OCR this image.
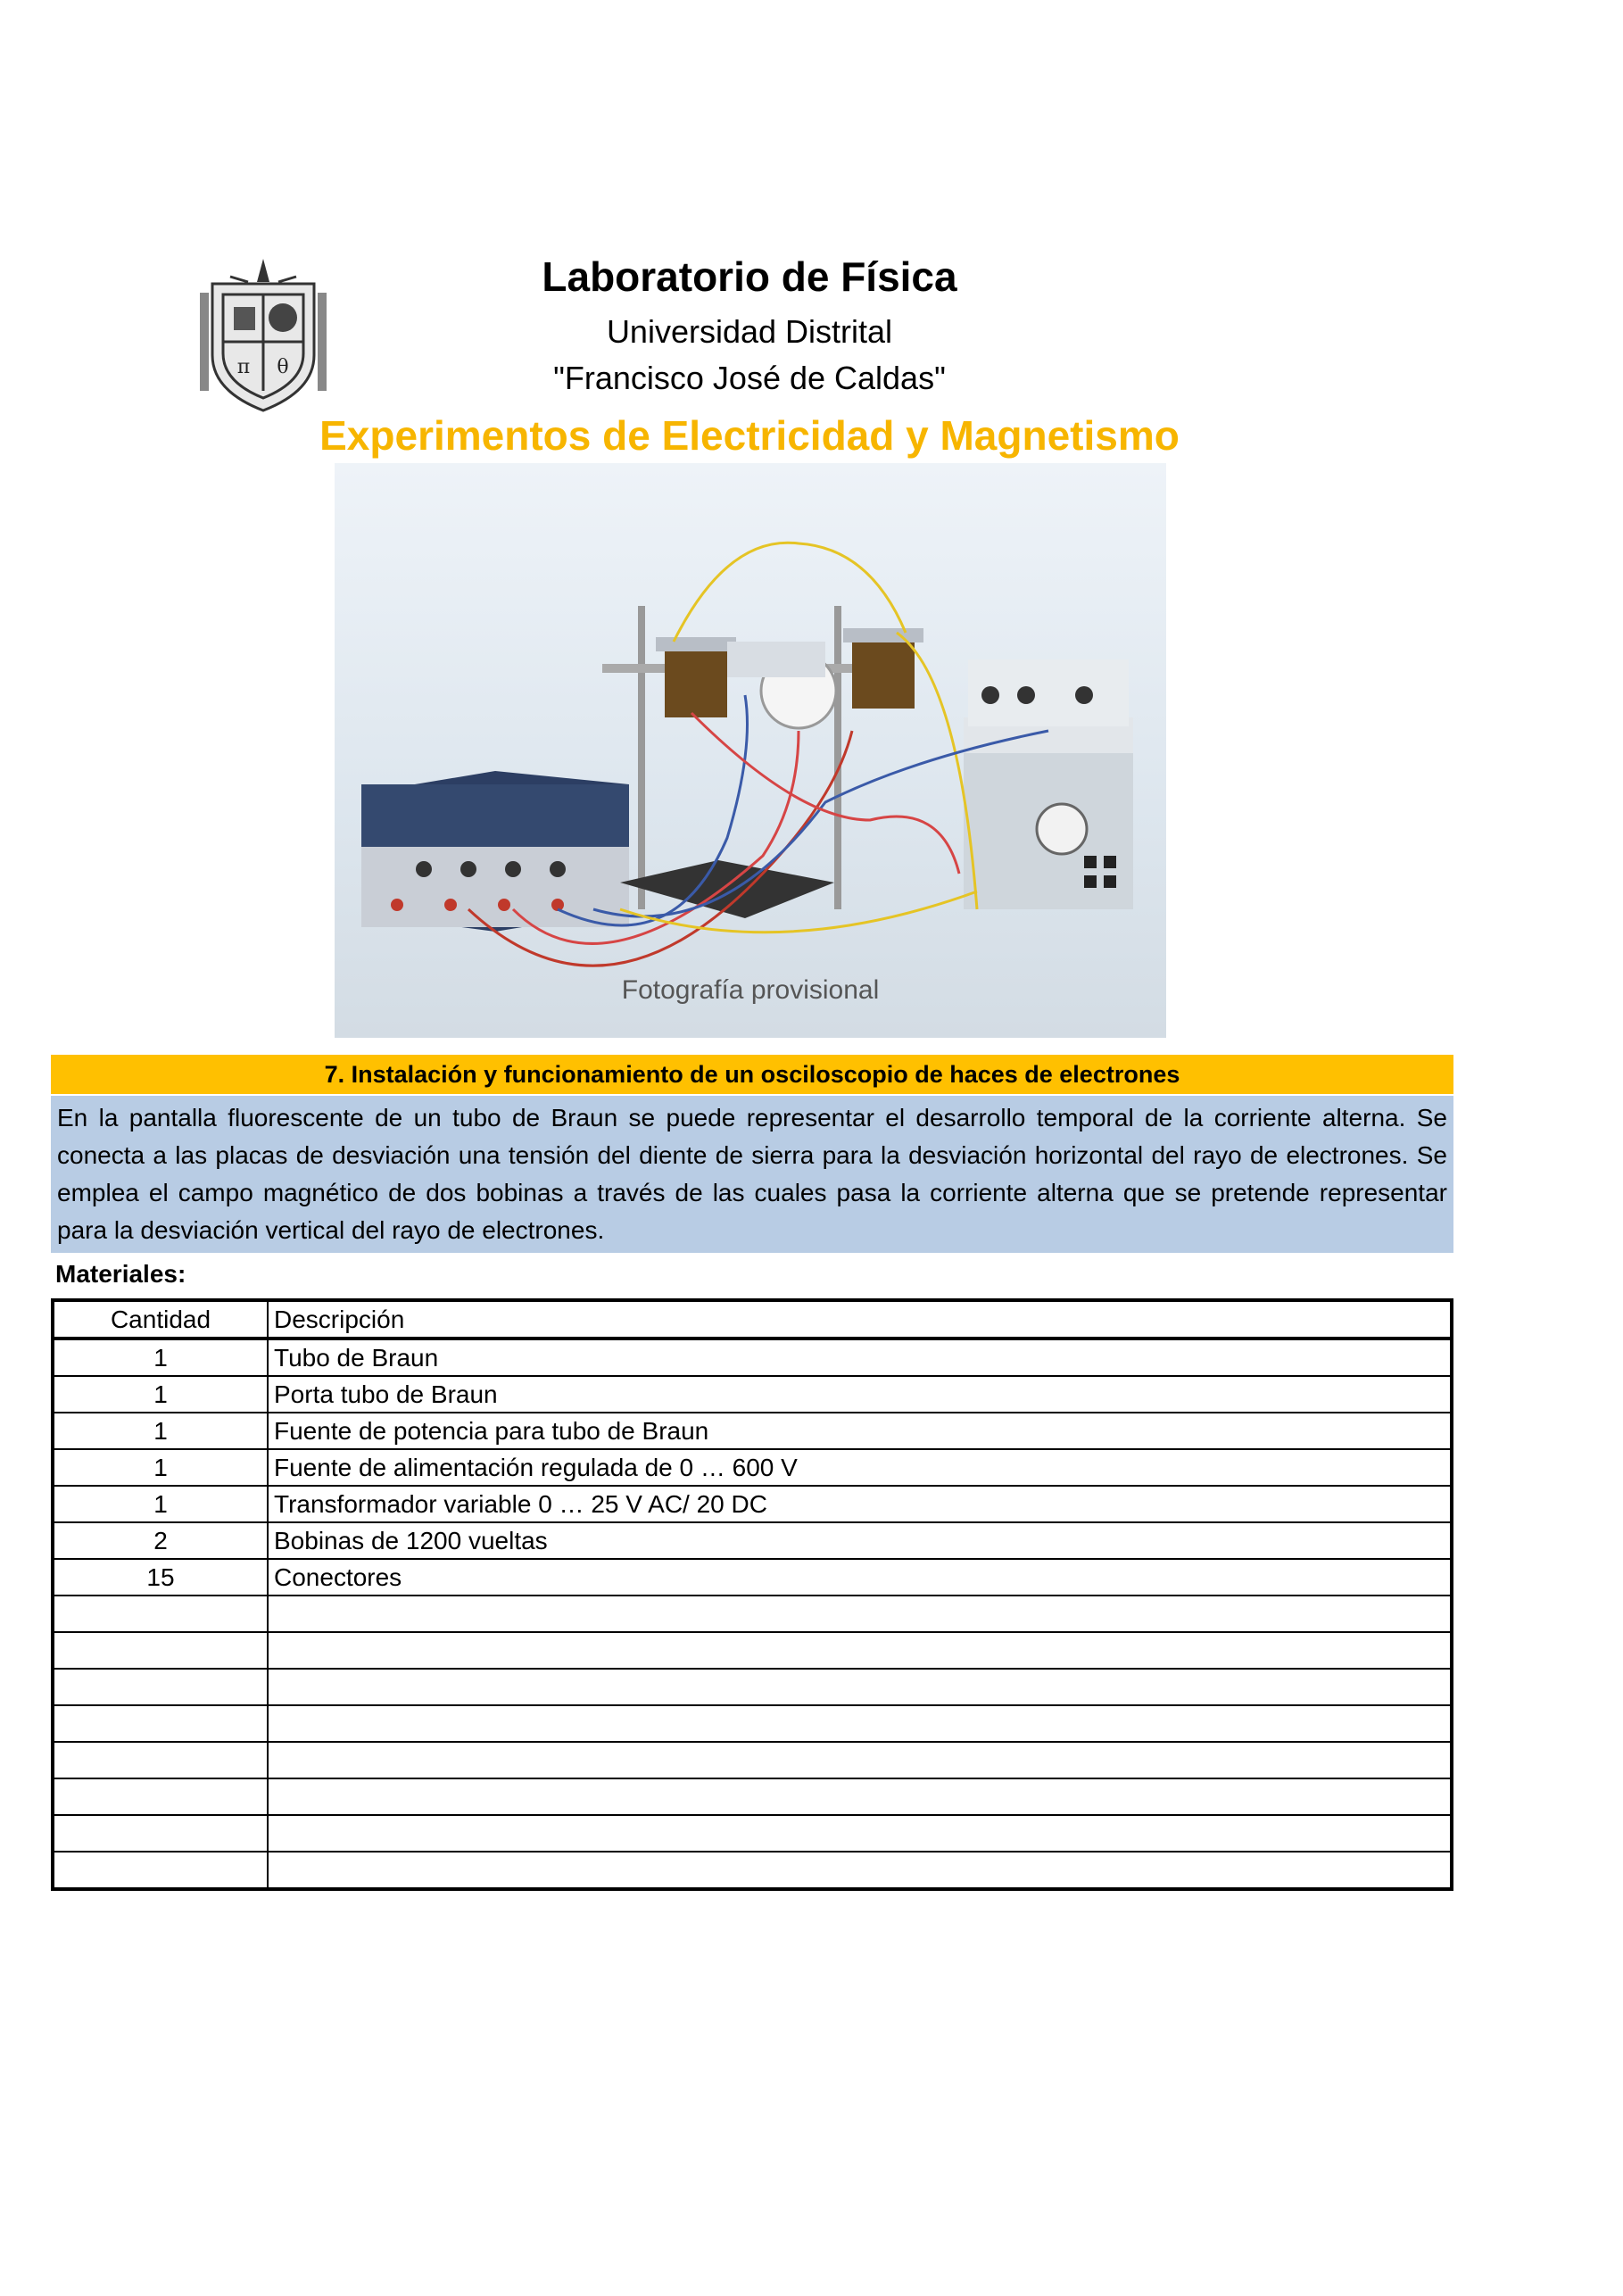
π θ
Laboratorio de Física
Universidad Distrital
"Francisco José de Caldas"
Experimentos de Electricidad y Magnetismo
Fotografía provisional
7. Instalación y funcionamiento de un osciloscopio de haces de electrones
En la pantalla fluorescente de un tubo de Braun se puede representar el desarrollo temporal de la corriente alterna. Se conecta a las placas de desviación una tensión del diente de sierra para la desviación horizontal del rayo de electrones. Se emplea el campo magnético de dos bobinas a través de las cuales pasa la corriente alterna que se pretende representar para la desviación vertical del rayo de electrones.
Materiales:
Cantidad	Descripción
1	Tubo de Braun
1	Porta tubo de Braun
1	Fuente de potencia para tubo de Braun
1	Fuente de alimentación regulada de 0 … 600 V
1	Transformador variable 0 … 25 V AC/ 20 DC
2	Bobinas de 1200 vueltas
15	Conectores
